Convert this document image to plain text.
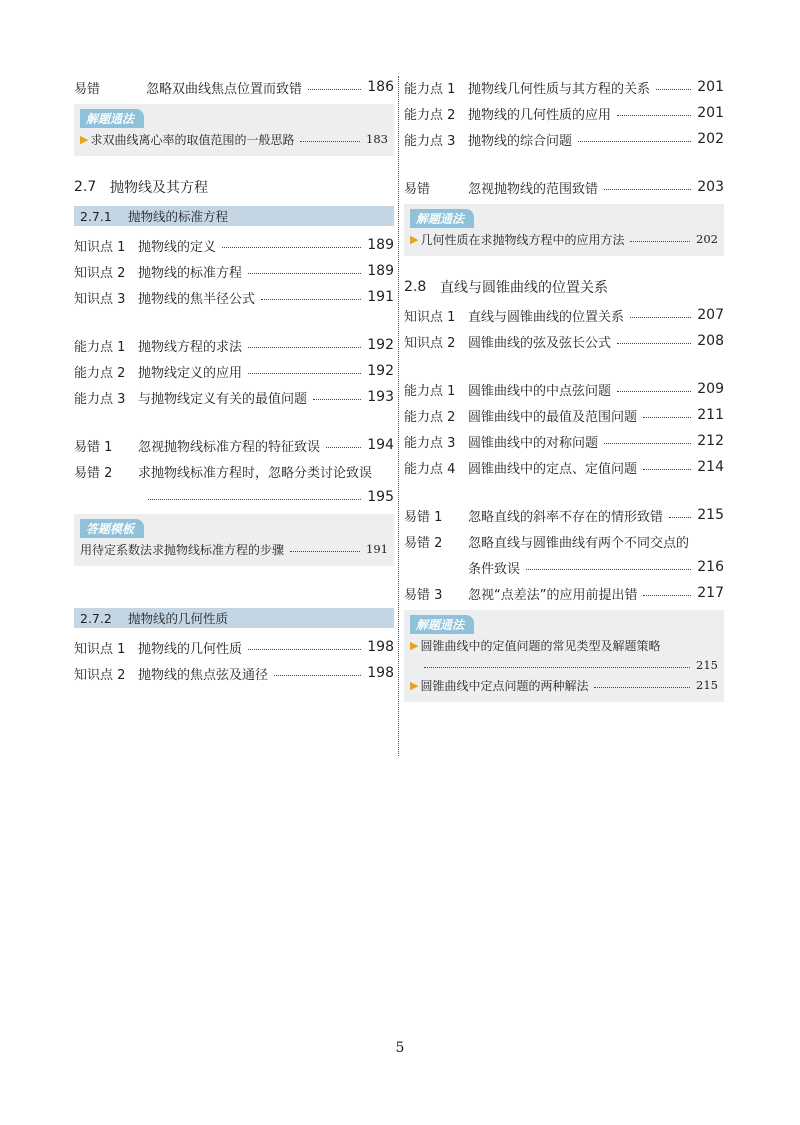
易错	忽略双曲线焦点位置而致错	186
解题通法
▶ 求双曲线离心率的取值范围的一般思路	183
2.7 抛物线及其方程
2.7.1	抛物线的标准方程
知识点 1 抛物线的定义	189
知识点 2 抛物线的标准方程	189
知识点 3 抛物线的焦半径公式	191
能力点 1 抛物线方程的求法	192
能力点 2 抛物线定义的应用	192
能力点 3 与抛物线定义有关的最值问题	193
易错 1	忽视抛物线标准方程的特征致误	194
易错 2	求抛物线标准方程时，忽略分类讨论致误
195
答题模板
用待定系数法求抛物线标准方程的步骤	191
2.7.2	抛物线的几何性质
知识点 1 抛物线的几何性质	198
知识点 2 抛物线的焦点弦及通径	198
能力点 1 抛物线几何性质与其方程的关系	201
能力点 2 抛物线的几何性质的应用	201
能力点 3 抛物线的综合问题	202
易错	忽视抛物线的范围致错	203
解题通法
▶ 几何性质在求抛物线方程中的应用方法	202
2.8 直线与圆锥曲线的位置关系
知识点 1 直线与圆锥曲线的位置关系	207
知识点 2 圆锥曲线的弦及弦长公式	208
能力点 1 圆锥曲线中的中点弦问题	209
能力点 2 圆锥曲线中的最值及范围问题	211
能力点 3 圆锥曲线中的对称问题	212
能力点 4 圆锥曲线中的定点、定值问题	214
易错 1	忽略直线的斜率不存在的情形致错 215
易错 2	忽略直线与圆锥曲线有两个不同交点的
条件致误	216
易错 3	忽视“点差法”的应用前提出错	217
解题通法
▶ 圆锥曲线中的定值问题的常见类型及解题策略
215
▶ 圆锥曲线中定点问题的两种解法	215
5
